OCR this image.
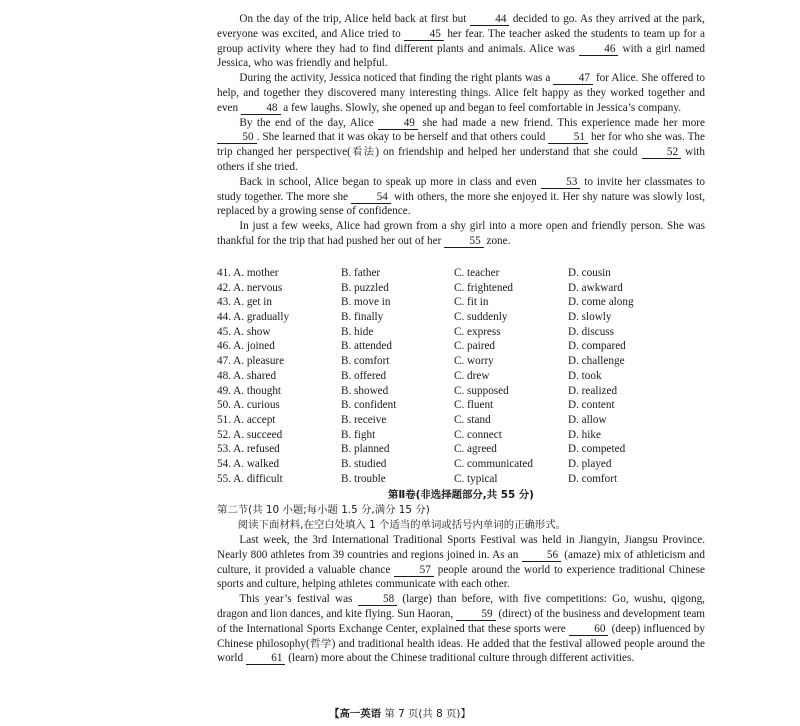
On the day of the trip, Alice held back at first but 44 decided to go. As they arrived at the park, everyone was excited, and Alice tried to 45 her fear. The teacher asked the students to team up for a group activity where they had to find different plants and animals. Alice was 46 with a girl named Jessica, who was friendly and helpful.

During the activity, Jessica noticed that finding the right plants was a 47 for Alice. She offered to help, and together they discovered many interesting things. Alice felt happy as they worked together and even 48 a few laughs. Slowly, she opened up and began to feel comfortable in Jessica’s company.

By the end of the day, Alice 49 she had made a new friend. This experience made her more 50 . She learned that it was okay to be herself and that others could 51 her for who she was. The trip changed her perspective(看法) on friendship and helped her understand that she could 52 with others if she tried.

Back in school, Alice began to speak up more in class and even 53 to invite her classmates to study together. The more she 54 with others, the more she enjoyed it. Her shy nature was slowly lost, replaced by a growing sense of confidence.

In just a few weeks, Alice had grown from a shy girl into a more open and friendly person. She was thankful for the trip that had pushed her out of her 55 zone.

41. A. mother	B. father	C. teacher	D. cousin
42. A. nervous	B. puzzled	C. frightened	D. awkward
43. A. get in	B. move in	C. fit in	D. come along
44. A. gradually	B. finally	C. suddenly	D. slowly
45. A. show	B. hide	C. express	D. discuss
46. A. joined	B. attended	C. paired	D. compared
47. A. pleasure	B. comfort	C. worry	D. challenge
48. A. shared	B. offered	C. drew	D. took
49. A. thought	B. showed	C. supposed	D. realized
50. A. curious	B. confident	C. fluent	D. content
51. A. accept	B. receive	C. stand	D. allow
52. A. succeed	B. fight	C. connect	D. hike
53. A. refused	B. planned	C. agreed	D. competed
54. A. walked	B. studied	C. communicated	D. played
55. A. difficult	B. trouble	C. typical	D. comfort
第Ⅱ卷(非选择题部分,共 55 分)
第二节(共 10 小题;每小题 1.5 分,满分 15 分)
阅读下面材料,在空白处填入 1 个适当的单词或括号内单词的正确形式。

Last week, the 3rd International Traditional Sports Festival was held in Jiangyin, Jiangsu Province. Nearly 800 athletes from 39 countries and regions joined in. As an 56 (amaze) mix of athleticism and culture, it provided a valuable chance 57 people around the world to experience traditional Chinese sports and culture, helping athletes communicate with each other.

This year’s festival was 58 (large) than before, with five competitions: Go, wushu, qigong, dragon and lion dances, and kite flying. Sun Haoran, 59 (direct) of the business and development team of the International Sports Exchange Center, explained that these sports were 60 (deep) influenced by Chinese philosophy(哲学) and traditional health ideas. He added that the festival allowed people around the world 61 (learn) more about the Chinese traditional culture through different activities.

【高一英语 第 7 页(共 8 页)】
